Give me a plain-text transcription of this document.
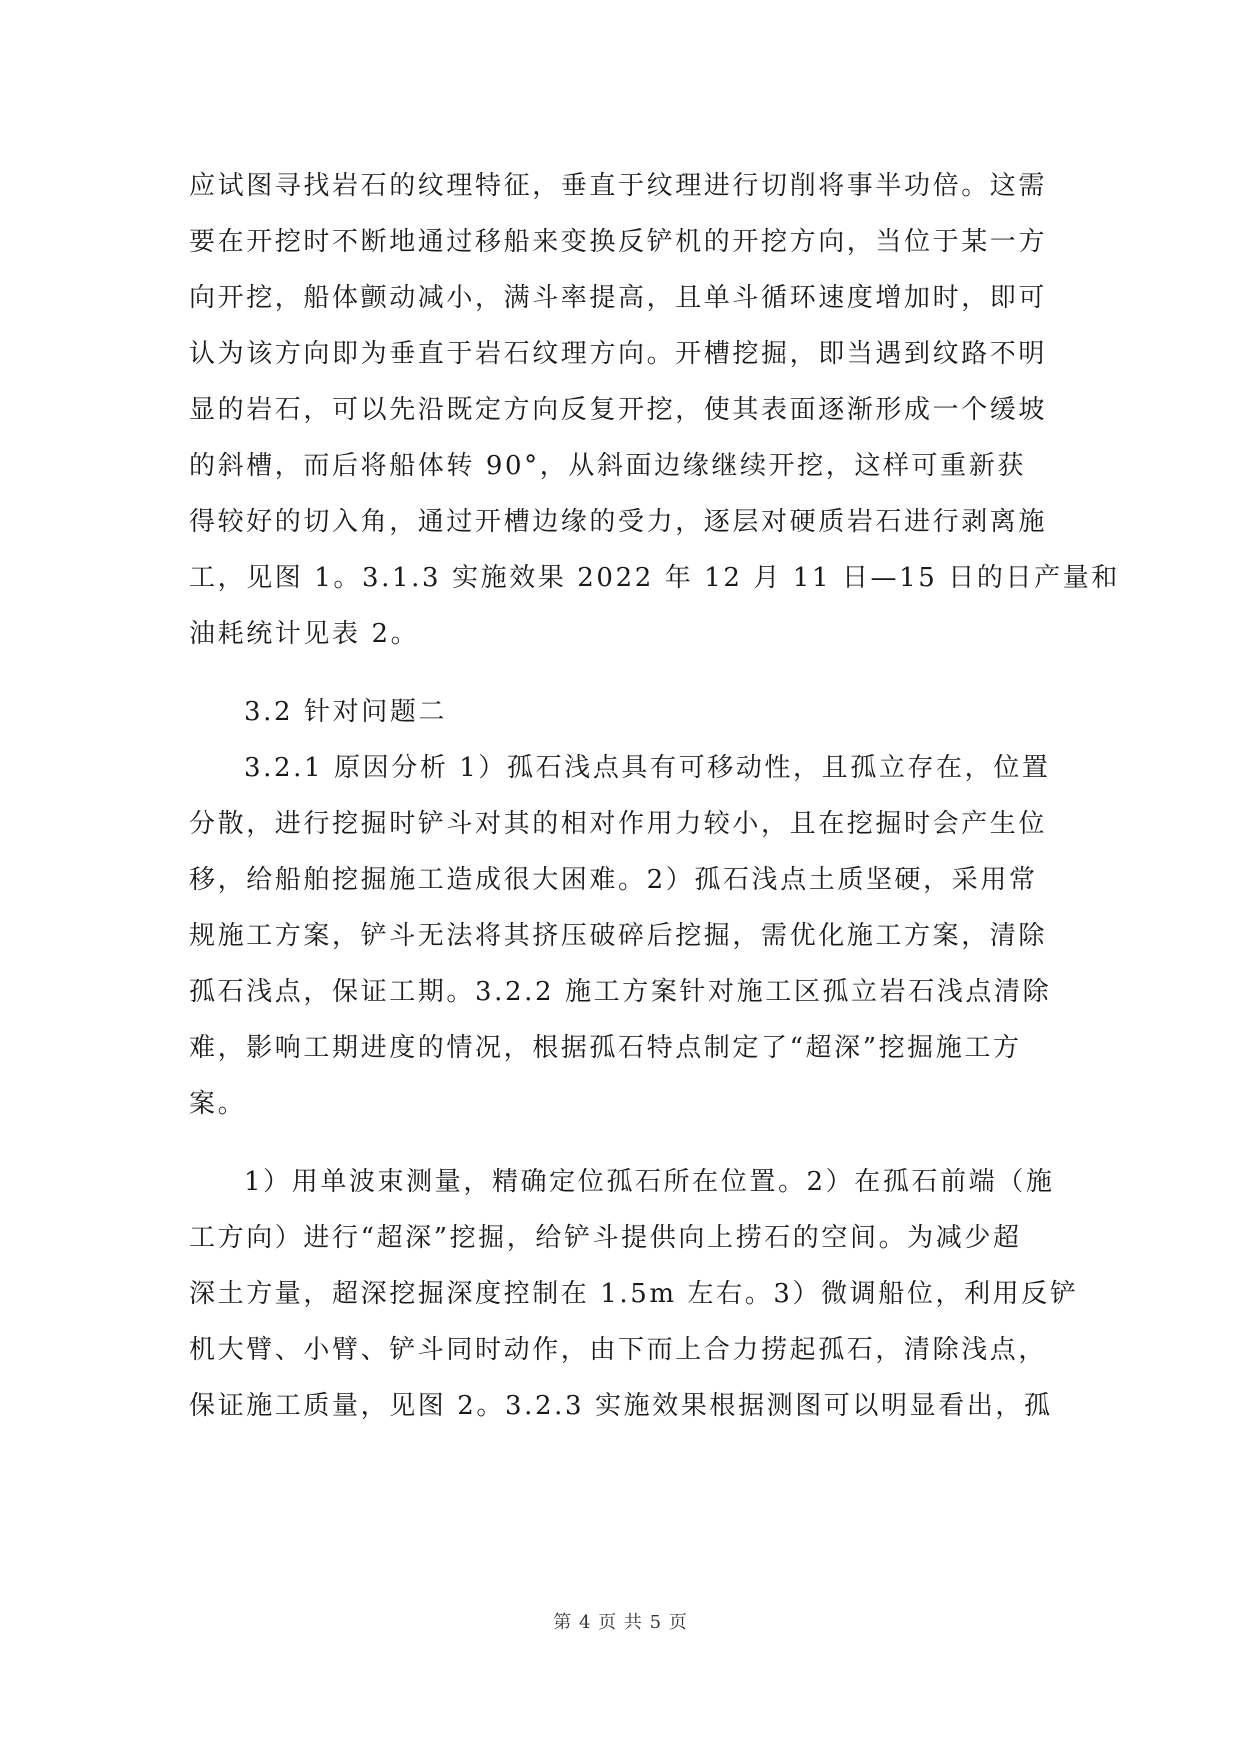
应试图寻找岩石的纹理特征，垂直于纹理进行切削将事半功倍。这需
要在开挖时不断地通过移船来变换反铲机的开挖方向，当位于某一方
向开挖，船体颤动减小，满斗率提高，且单斗循环速度增加时，即可
认为该方向即为垂直于岩石纹理方向。开槽挖掘，即当遇到纹路不明
显的岩石，可以先沿既定方向反复开挖，使其表面逐渐形成一个缓坡
的斜槽，而后将船体转 90°，从斜面边缘继续开挖，这样可重新获
得较好的切入角，通过开槽边缘的受力，逐层对硬质岩石进行剥离施
工，见图 1。3.1.3 实施效果 2022 年 12 月 11 日—15 日的日产量和
油耗统计见表 2。
3.2 针对问题二
3.2.1 原因分析 1）孤石浅点具有可移动性，且孤立存在，位置
分散，进行挖掘时铲斗对其的相对作用力较小，且在挖掘时会产生位
移，给船舶挖掘施工造成很大困难。2）孤石浅点土质坚硬，采用常
规施工方案，铲斗无法将其挤压破碎后挖掘，需优化施工方案，清除
孤石浅点，保证工期。3.2.2 施工方案针对施工区孤立岩石浅点清除
难，影响工期进度的情况，根据孤石特点制定了“超深”挖掘施工方
案。
1）用单波束测量，精确定位孤石所在位置。2）在孤石前端（施
工方向）进行“超深”挖掘，给铲斗提供向上捞石的空间。为减少超
深土方量，超深挖掘深度控制在 1.5m 左右。3）微调船位，利用反铲
机大臂、小臂、铲斗同时动作，由下而上合力捞起孤石，清除浅点，
保证施工质量，见图 2。3.2.3 实施效果根据测图可以明显看出，孤
第 4 页 共 5 页
